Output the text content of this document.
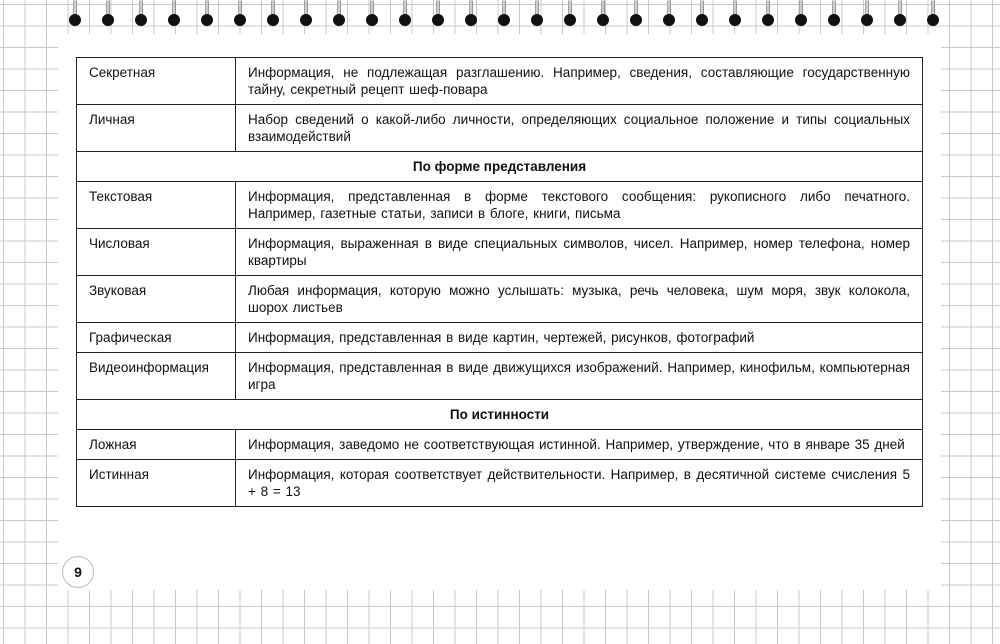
Секретная	Информация, не подлежащая разглашению. Например, сведения, составляющие государственную тайну, секретный рецепт шеф-повара
Личная	Набор сведений о какой-либо личности, определяющих социальное положение и типы социальных взаимодействий
По форме представления	
Текстовая	Информация, представленная в форме текстового сообщения: рукописного либо печатного. Например, газетные статьи, записи в блоге, книги, письма
Числовая	Информация, выраженная в виде специальных символов, чисел. Например, номер телефона, номер квартиры
Звуковая	Любая информация, которую можно услышать: музыка, речь человека, шум моря, звук колокола, шорох листьев
Графическая	Информация, представленная в виде картин, чертежей, рисунков, фотографий
Видеоинформация	Информация, представленная в виде движущихся изображений. Например, кинофильм, компьютерная игра
По истинности	
Ложная	Информация, заведомо не соответствующая истинной. Например, утверждение, что в январе 35 дней
Истинная	Информация, которая соответствует действительности. Например, в десятичной системе счисления 5 + 8 = 13
9
